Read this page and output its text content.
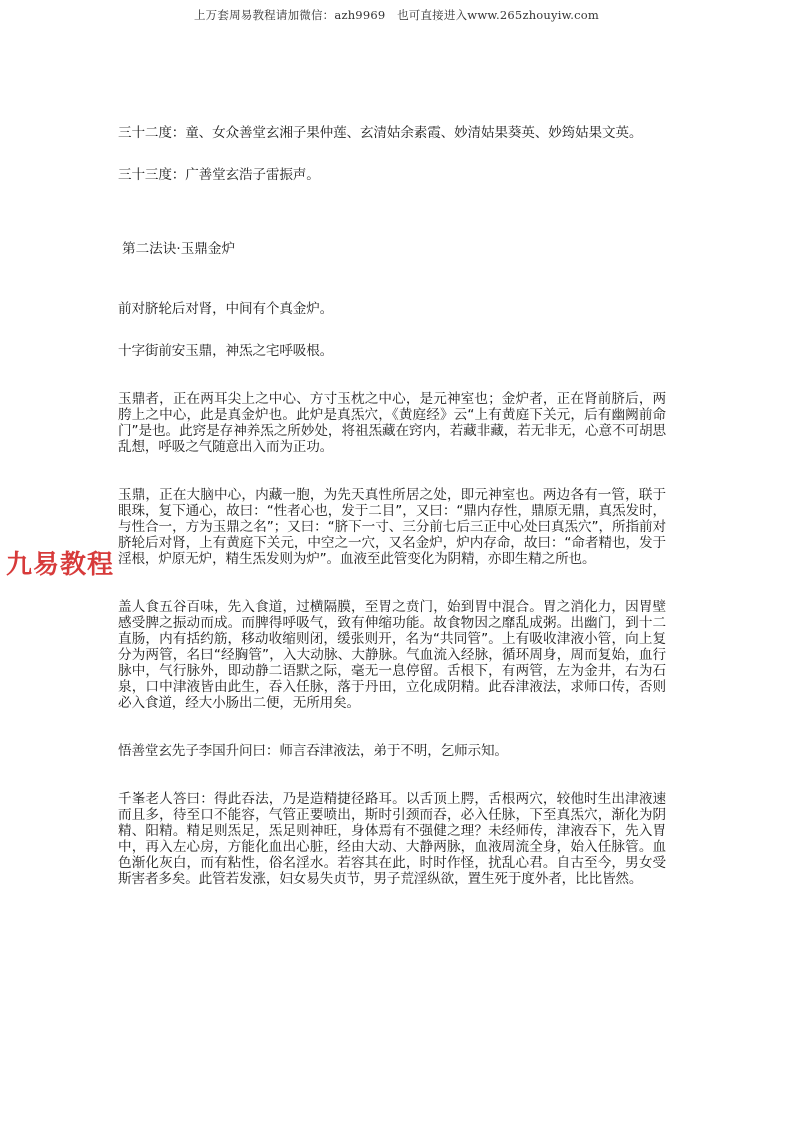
上万套周易教程请加微信：azh9969　也可直接进入www.265zhouyiw.com
九易教程

三十二度：童、女众善堂玄湘子果仲莲、玄清姑余素霞、妙清姑果葵英、妙筠姑果文英。

三十三度：广善堂玄浩子雷振声。

第二法诀·玉鼎金炉

前对脐轮后对肾，中间有个真金炉。

十字街前安玉鼎，神炁之宅呼吸根。

玉鼎者，正在两耳尖上之中心、方寸玉枕之中心，是元神室也；金炉者，正在肾前脐后，两胯上之中心，此是真金炉也。此炉是真炁穴，《黄庭经》云“上有黄庭下关元，后有幽阙前命门”是也。此窍是存神养炁之所妙处，将祖炁藏在窍内，若藏非藏，若无非无，心意不可胡思乱想，呼吸之气随意出入而为正功。

玉鼎，正在大脑中心，内藏一胞，为先天真性所居之处，即元神室也。两边各有一管，联于眼珠，复下通心，故曰：“性者心也，发于二目”，又曰：“鼎内存性，鼎原无鼎，真炁发时，与性合一，方为玉鼎之名”；又曰：“脐下一寸、三分前七后三正中心处曰真炁穴”，所指前对脐轮后对肾，上有黄庭下关元，中空之一穴，又名金炉，炉内存命，故曰：“命者精也，发于淫根，炉原无炉，精生炁发则为炉”。血液至此管变化为阴精，亦即生精之所也。

盖人食五谷百味，先入食道，过横隔膜，至胃之贲门，始到胃中混合。胃之消化力，因胃壁感受脾之振动而成。而脾得呼吸气，致有伸缩功能。故食物因之靡乱成粥。出幽门，到十二直肠，内有括约筋，移动收缩则闭，缓张则开，名为“共同管”。上有吸收津液小管，向上复分为两管，名曰“经胸管”，入大动脉、大静脉。气血流入经脉，循环周身，周而复始，血行脉中，气行脉外，即动静二语默之际，毫无一息停留。舌根下，有两管，左为金井，右为石泉，口中津液皆由此生，吞入任脉，落于丹田，立化成阴精。此吞津液法，求师口传，否则必入食道，经大小肠出二便，无所用矣。

悟善堂玄先子李国升问曰：师言吞津液法，弟于不明，乞师示知。

千峯老人答曰：得此吞法，乃是造精捷径路耳。以舌顶上腭，舌根两穴，较他时生出津液速而且多，待至口不能容，气管正要喷出，斯时引颈而吞，必入任脉，下至真炁穴，渐化为阴精、阳精。精足则炁足，炁足则神旺，身体焉有不强健之理？未经师传，津液吞下，先入胃中，再入左心房，方能化血出心脏，经由大动、大静两脉，血液周流全身，始入任脉管。血色渐化灰白，而有粘性，俗名淫水。若容其在此，时时作怪，扰乱心君。自古至今，男女受斯害者多矣。此管若发涨，妇女易失贞节，男子荒淫纵欲，置生死于度外者，比比皆然。
